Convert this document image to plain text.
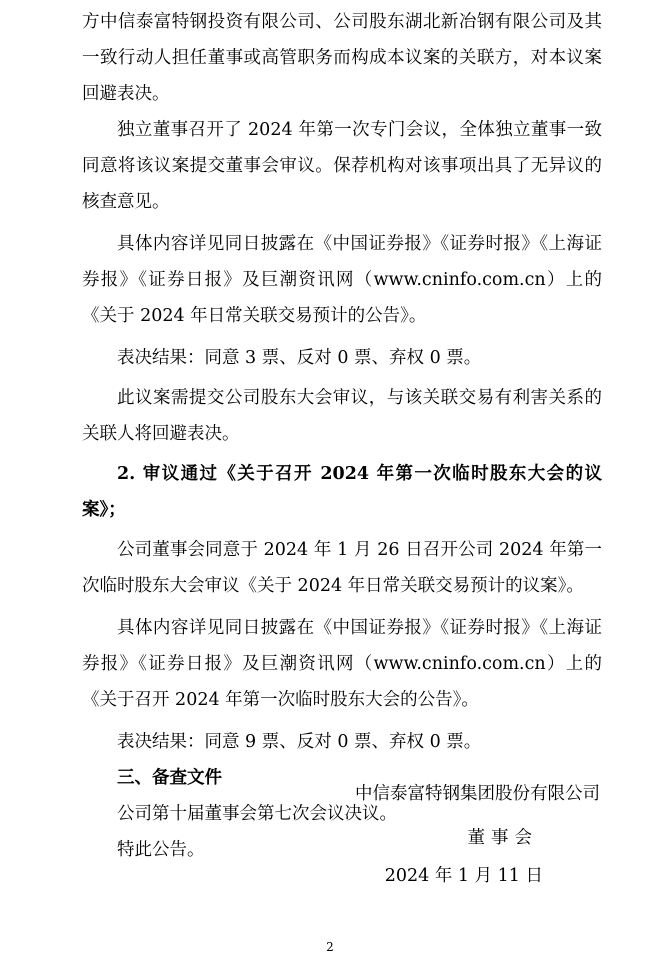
方中信泰富特钢投资有限公司、公司股东湖北新冶钢有限公司及其一致行动人担任董事或高管职务而构成本议案的关联方，对本议案回避表决。

独立董事召开了 2024 年第一次专门会议，全体独立董事一致同意将该议案提交董事会审议。保荐机构对该事项出具了无异议的核查意见。

具体内容详见同日披露在《中国证券报》《证券时报》《上海证券报》《证券日报》及巨潮资讯网（www.cninfo.com.cn）上的《关于 2024 年日常关联交易预计的公告》。

表决结果：同意 3 票、反对 0 票、弃权 0 票。

此议案需提交公司股东大会审议，与该关联交易有利害关系的关联人将回避表决。

2. 审议通过《关于召开 2024 年第一次临时股东大会的议案》；

公司董事会同意于 2024 年 1 月 26 日召开公司 2024 年第一次临时股东大会审议《关于 2024 年日常关联交易预计的议案》。

具体内容详见同日披露在《中国证券报》《证券时报》《上海证券报》《证券日报》及巨潮资讯网（www.cninfo.com.cn）上的《关于召开 2024 年第一次临时股东大会的公告》。

表决结果：同意 9 票、反对 0 票、弃权 0 票。

三、备查文件

公司第十届董事会第七次会议决议。

特此公告。

中信泰富特钢集团股份有限公司

董事会

2024 年 1 月 11 日

2
